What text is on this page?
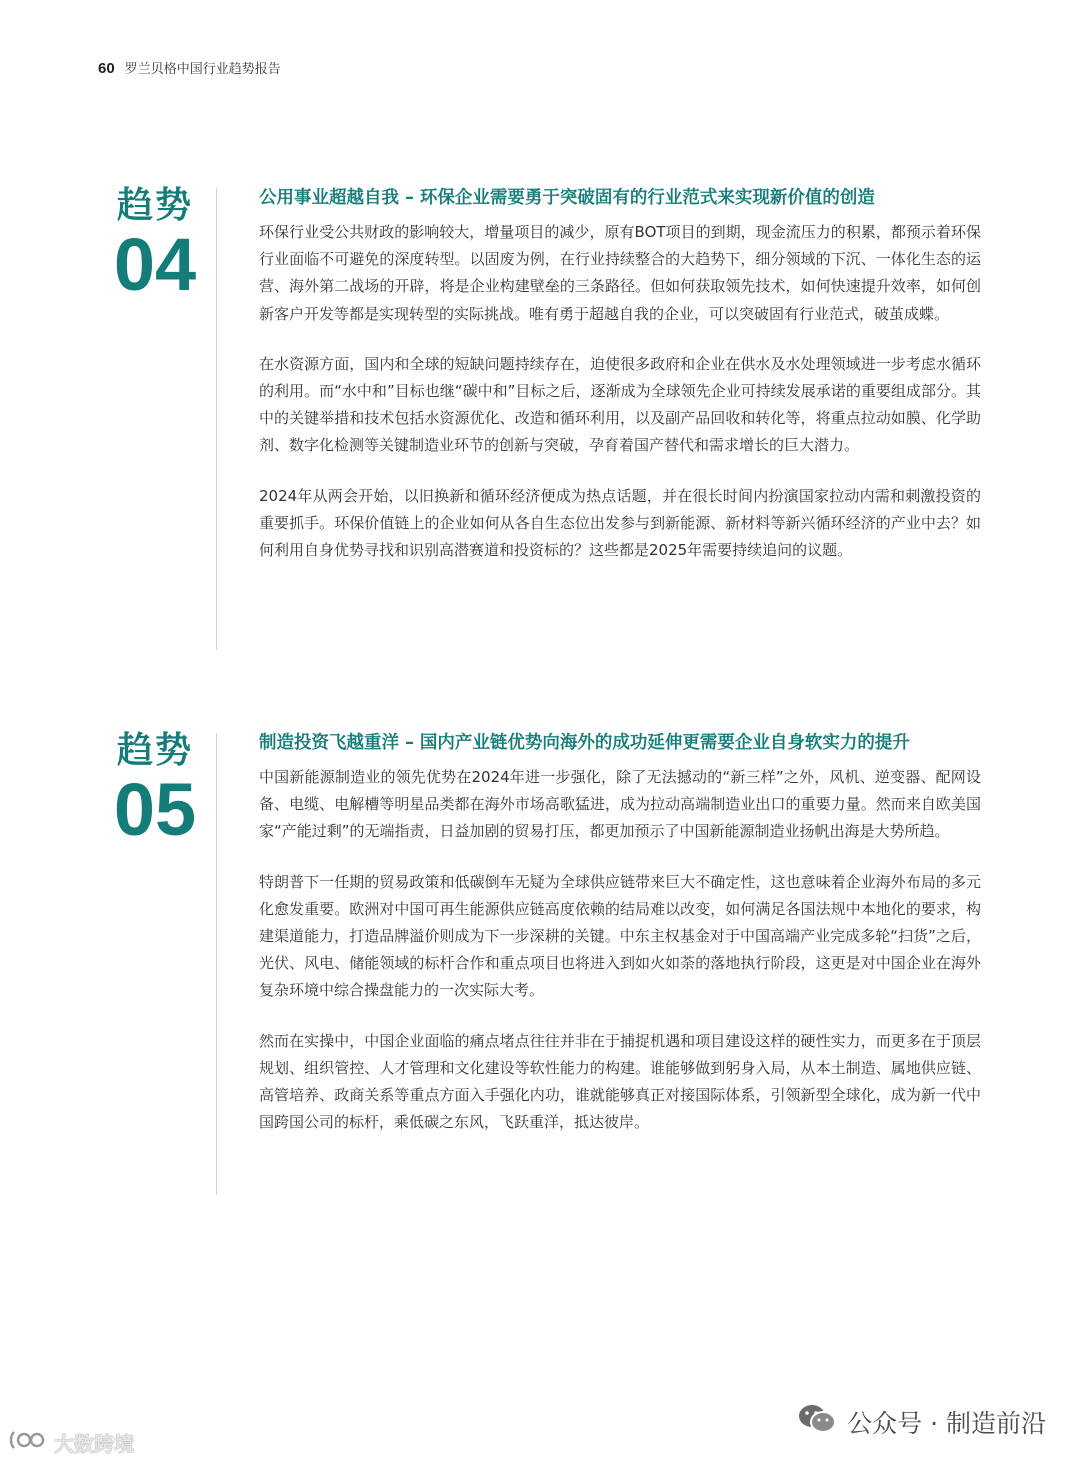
60 罗兰贝格中国行业趋势报告
趋势
04
公用事业超越自我 – 环保企业需要勇于突破固有的行业范式来实现新价值的创造

环保行业受公共财政的影响较大，增量项目的减少，原有BOT项目的到期，现金流压力的积累，都预示着环保行业面临不可避免的深度转型。以固废为例，在行业持续整合的大趋势下，细分领域的下沉、一体化生态的运营、海外第二战场的开辟，将是企业构建壁垒的三条路径。但如何获取领先技术，如何快速提升效率，如何创新客户开发等都是实现转型的实际挑战。唯有勇于超越自我的企业，可以突破固有行业范式，破茧成蝶。

在水资源方面，国内和全球的短缺问题持续存在，迫使很多政府和企业在供水及水处理领域进一步考虑水循环的利用。而“水中和”目标也继“碳中和”目标之后，逐渐成为全球领先企业可持续发展承诺的重要组成部分。其中的关键举措和技术包括水资源优化、改造和循环利用，以及副产品回收和转化等，将重点拉动如膜、化学助剂、数字化检测等关键制造业环节的创新与突破，孕育着国产替代和需求增长的巨大潜力。

2024年从两会开始，以旧换新和循环经济便成为热点话题，并在很长时间内扮演国家拉动内需和刺激投资的重要抓手。环保价值链上的企业如何从各自生态位出发参与到新能源、新材料等新兴循环经济的产业中去？如何利用自身优势寻找和识别高潜赛道和投资标的？这些都是2025年需要持续追问的议题。

趋势
05
制造投资飞越重洋 – 国内产业链优势向海外的成功延伸更需要企业自身软实力的提升

中国新能源制造业的领先优势在2024年进一步强化，除了无法撼动的“新三样”之外，风机、逆变器、配网设备、电缆、电解槽等明星品类都在海外市场高歌猛进，成为拉动高端制造业出口的重要力量。然而来自欧美国家“产能过剩”的无端指责，日益加剧的贸易打压，都更加预示了中国新能源制造业扬帆出海是大势所趋。

特朗普下一任期的贸易政策和低碳倒车无疑为全球供应链带来巨大不确定性，这也意味着企业海外布局的多元化愈发重要。欧洲对中国可再生能源供应链高度依赖的结局难以改变，如何满足各国法规中本地化的要求，构建渠道能力，打造品牌溢价则成为下一步深耕的关键。中东主权基金对于中国高端产业完成多轮“扫货”之后，光伏、风电、储能领域的标杆合作和重点项目也将进入到如火如荼的落地执行阶段，这更是对中国企业在海外复杂环境中综合操盘能力的一次实际大考。

然而在实操中，中国企业面临的痛点堵点往往并非在于捕捉机遇和项目建设这样的硬性实力，而更多在于顶层规划、组织管控、人才管理和文化建设等软性能力的构建。谁能够做到躬身入局，从本土制造、属地供应链、高管培养、政商关系等重点方面入手强化内功，谁就能够真正对接国际体系，引领新型全球化，成为新一代中国跨国公司的标杆，乘低碳之东风，飞跃重洋，抵达彼岸。

大数跨境
公众号 · 制造前沿
